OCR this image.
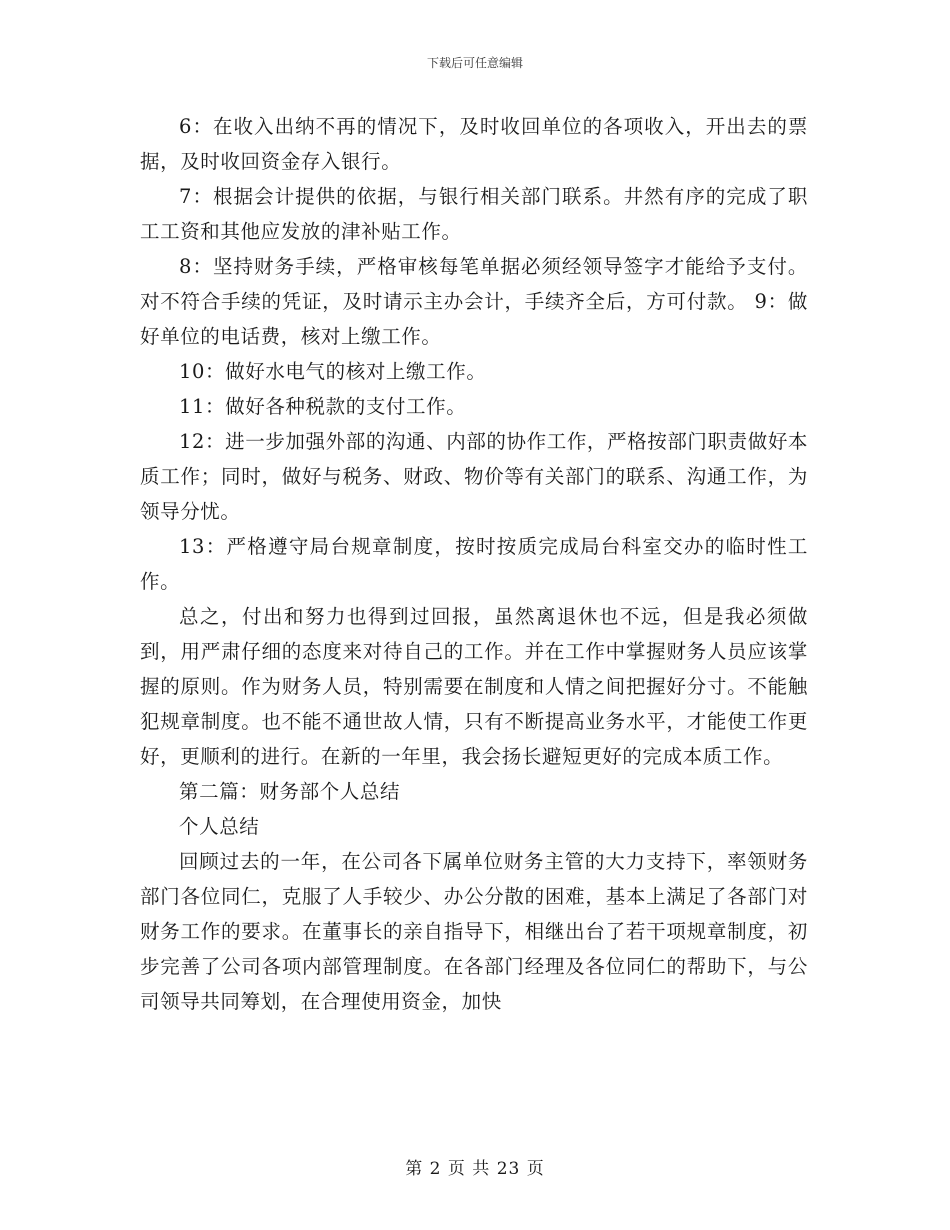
下载后可任意编辑

6：在收入出纳不再的情况下，及时收回单位的各项收入，开出去的票据，及时收回资金存入银行。

7：根据会计提供的依据，与银行相关部门联系。井然有序的完成了职工工资和其他应发放的津补贴工作。

8：坚持财务手续，严格审核每笔单据必须经领导签字才能给予支付。对不符合手续的凭证，及时请示主办会计，手续齐全后，方可付款。 9：做好单位的电话费，核对上缴工作。

10：做好水电气的核对上缴工作。

11：做好各种税款的支付工作。

12：进一步加强外部的沟通、内部的协作工作，严格按部门职责做好本质工作；同时，做好与税务、财政、物价等有关部门的联系、沟通工作，为领导分忧。

13：严格遵守局台规章制度，按时按质完成局台科室交办的临时性工作。

总之，付出和努力也得到过回报，虽然离退休也不远，但是我必须做到，用严肃仔细的态度来对待自己的工作。并在工作中掌握财务人员应该掌握的原则。作为财务人员，特别需要在制度和人情之间把握好分寸。不能触犯规章制度。也不能不通世故人情，只有不断提高业务水平，才能使工作更好，更顺利的进行。在新的一年里，我会扬长避短更好的完成本质工作。

第二篇：财务部个人总结

个人总结

回顾过去的一年，在公司各下属单位财务主管的大力支持下，率领财务部门各位同仁，克服了人手较少、办公分散的困难，基本上满足了各部门对财务工作的要求。在董事长的亲自指导下，相继出台了若干项规章制度，初步完善了公司各项内部管理制度。在各部门经理及各位同仁的帮助下，与公司领导共同筹划，在合理使用资金，加快

第 2 页 共 23 页
